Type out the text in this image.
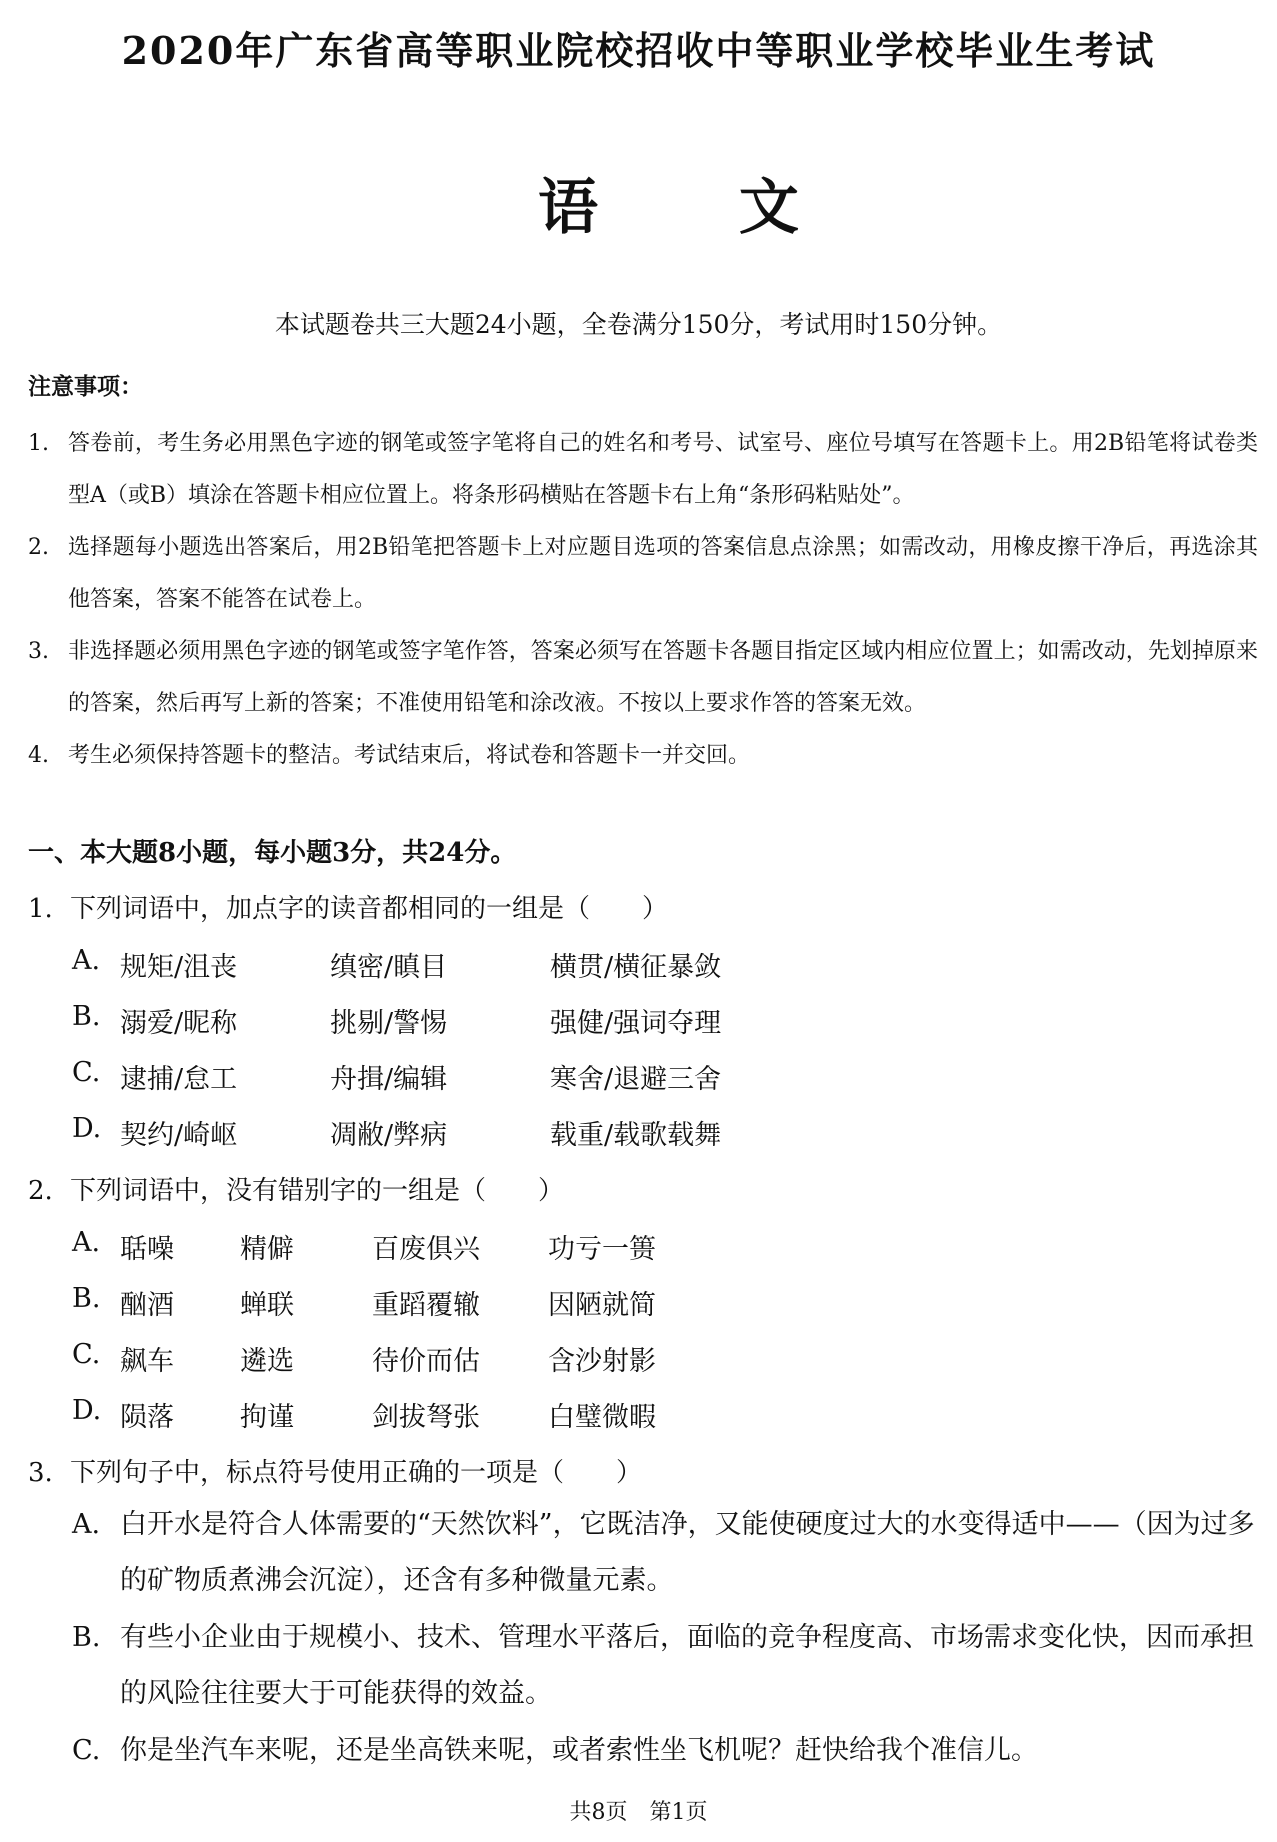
2020年广东省高等职业院校招收中等职业学校毕业生考试
语 文
本试题卷共三大题24小题，全卷满分150分，考试用时150分钟。
注意事项：
1. 答卷前，考生务必用黑色字迹的钢笔或签字笔将自己的姓名和考号、试室号、座位号填写在答题卡上。用2B铅笔将试卷类型A（或B）填涂在答题卡相应位置上。将条形码横贴在答题卡右上角“条形码粘贴处”。
2. 选择题每小题选出答案后，用2B铅笔把答题卡上对应题目选项的答案信息点涂黑；如需改动，用橡皮擦干净后，再选涂其他答案，答案不能答在试卷上。
3. 非选择题必须用黑色字迹的钢笔或签字笔作答，答案必须写在答题卡各题目指定区域内相应位置上；如需改动，先划掉原来的答案，然后再写上新的答案；不准使用铅笔和涂改液。不按以上要求作答的答案无效。
4. 考生必须保持答题卡的整洁。考试结束后，将试卷和答题卡一并交回。
一、本大题8小题，每小题3分，共24分。
1. 下列词语中，加点字的读音都相同的一组是（　　）
A. 规矩/沮丧	缜密/瞋目	横贯/横征暴敛
B. 溺爱/昵称	挑剔/警惕	强健/强词夺理
C. 逮捕/怠工	舟揖/编辑	寒舍/退避三舍
D. 契约/崎岖	凋敝/弊病	载重/载歌载舞
2. 下列词语中，没有错别字的一组是（　　）
A. 聒噪 精僻	百废俱兴	功亏一篑
B. 酗酒 蝉联	重蹈覆辙	因陋就简
C. 飙车 遴选	待价而估	含沙射影
D. 陨落 拘谨	剑拔弩张	白璧微暇
3. 下列句子中，标点符号使用正确的一项是（　　）
A. 白开水是符合人体需要的“天然饮料”，它既洁净，又能使硬度过大的水变得适中——（因为过多的矿物质煮沸会沉淀），还含有多种微量元素。
B. 有些小企业由于规模小、技术、管理水平落后，面临的竞争程度高、市场需求变化快，因而承担的风险往往要大于可能获得的效益。
C. 你是坐汽车来呢，还是坐高铁来呢，或者索性坐飞机呢？赶快给我个准信儿。
共8页　第1页
